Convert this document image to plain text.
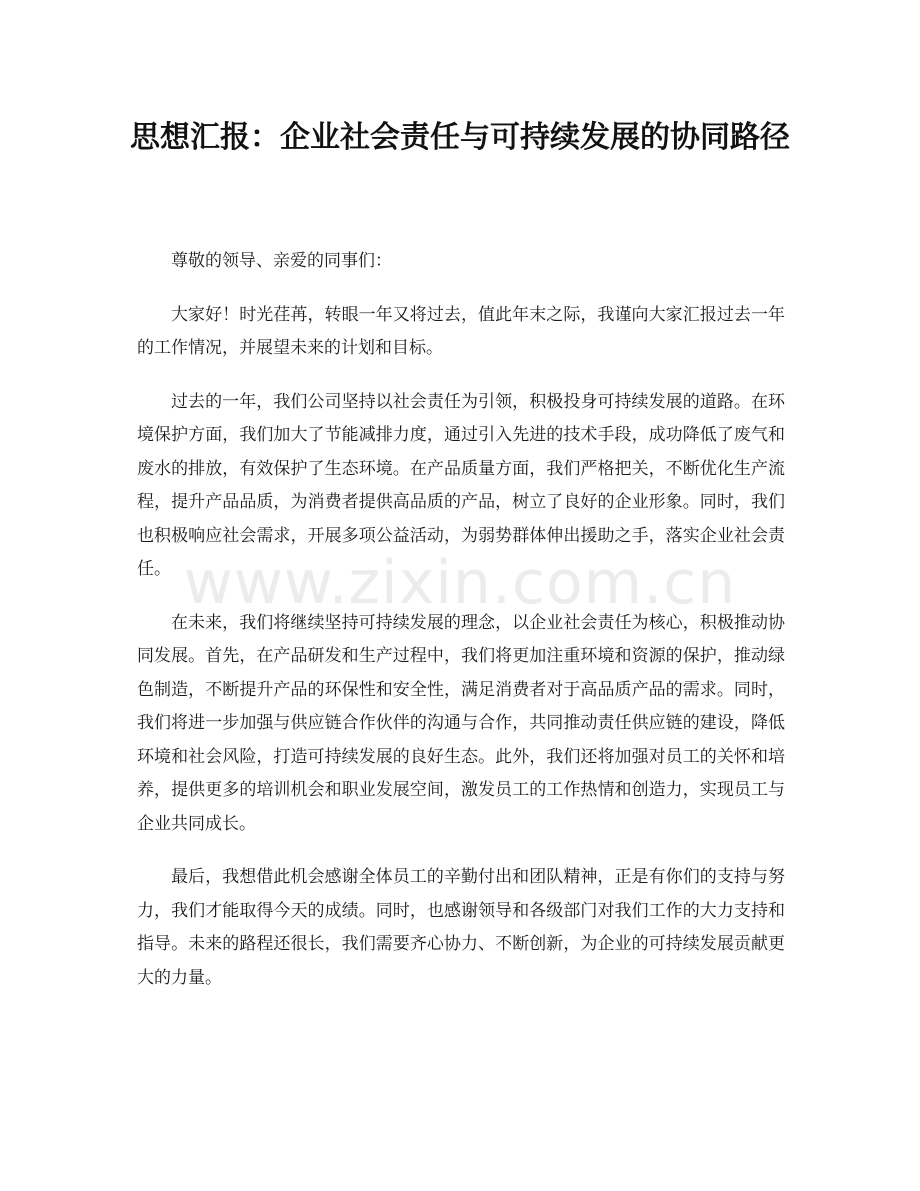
思想汇报：企业社会责任与可持续发展的协同路径

尊敬的领导、亲爱的同事们：

大家好！时光荏苒，转眼一年又将过去，值此年末之际，我谨向大家汇报过去一年的工作情况，并展望未来的计划和目标。

过去的一年，我们公司坚持以社会责任为引领，积极投身可持续发展的道路。在环境保护方面，我们加大了节能减排力度，通过引入先进的技术手段，成功降低了废气和废水的排放，有效保护了生态环境。在产品质量方面，我们严格把关，不断优化生产流程，提升产品品质，为消费者提供高品质的产品，树立了良好的企业形象。同时，我们也积极响应社会需求，开展多项公益活动，为弱势群体伸出援助之手，落实企业社会责任。

在未来，我们将继续坚持可持续发展的理念，以企业社会责任为核心，积极推动协同发展。首先，在产品研发和生产过程中，我们将更加注重环境和资源的保护，推动绿色制造，不断提升产品的环保性和安全性，满足消费者对于高品质产品的需求。同时，我们将进一步加强与供应链合作伙伴的沟通与合作，共同推动责任供应链的建设，降低环境和社会风险，打造可持续发展的良好生态。此外，我们还将加强对员工的关怀和培养，提供更多的培训机会和职业发展空间，激发员工的工作热情和创造力，实现员工与企业共同成长。

最后，我想借此机会感谢全体员工的辛勤付出和团队精神，正是有你们的支持与努力，我们才能取得今天的成绩。同时，也感谢领导和各级部门对我们工作的大力支持和指导。未来的路程还很长，我们需要齐心协力、不断创新，为企业的可持续发展贡献更大的力量。

www.zixin.com.cn
